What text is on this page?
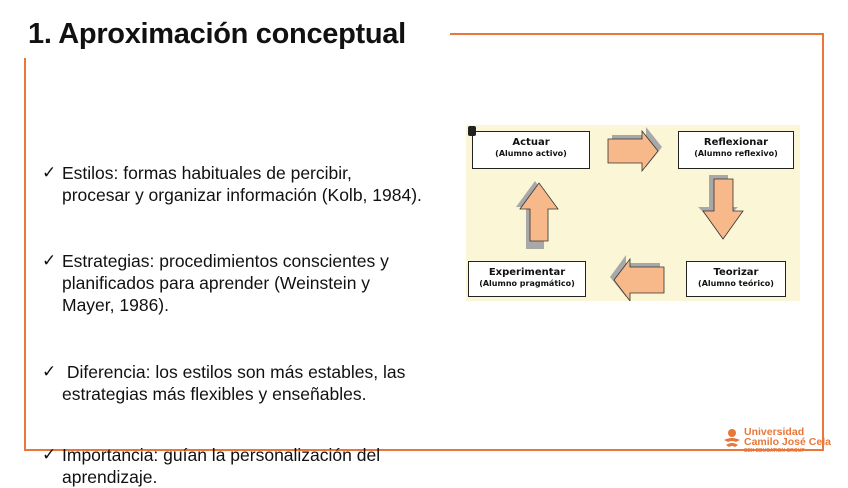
1. Aproximación conceptual
✓ Estilos: formas habituales de percibir,
procesar y organizar información (Kolb, 1984).
✓ Estrategias: procedimientos conscientes y
planificados para aprender (Weinstein y
Mayer, 1986).
✓ Diferencia: los estilos son más estables, las
estrategias más flexibles y enseñables.
✓ Importancia: guían la personalización del
aprendizaje.
Actuar
(Alumno activo)
Reflexionar
(Alumno reflexivo)
Teorizar
(Alumno teórico)
Experimentar
(Alumno pragmático)
Universidad
Camilo José Cela
SEK EDUCATION GROUP
